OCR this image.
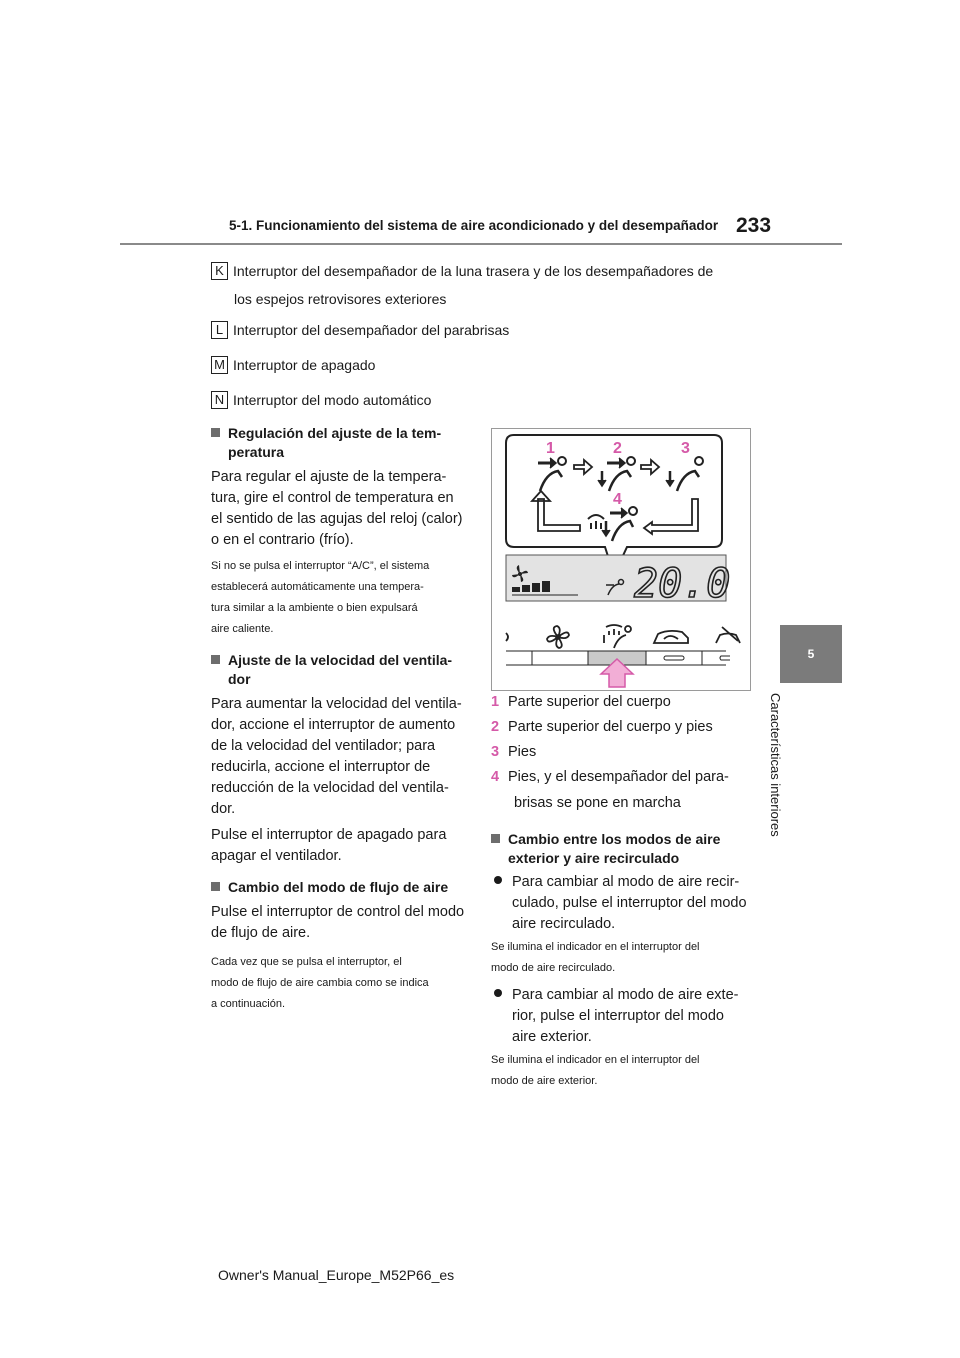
5-1. Funcionamiento del sistema de aire acondicionado y del desempañador 233
5
Características interiores
K Interruptor del desempañador de la luna trasera y de los desempañadores de
los espejos retrovisores exteriores
L Interruptor del desempañador del parabrisas
M Interruptor de apagado
N Interruptor del modo automático
Regulación del ajuste de la tem-
peratura
Para regular el ajuste de la tempera-
tura, gire el control de temperatura en
el sentido de las agujas del reloj (calor)
o en el contrario (frío).
Si no se pulsa el interruptor “A/C”, el sistema
establecerá automáticamente una tempera-
tura similar a la ambiente o bien expulsará
aire caliente.
Ajuste de la velocidad del ventila-
dor
Para aumentar la velocidad del ventila-
dor, accione el interruptor de aumento
de la velocidad del ventilador; para
reducirla, accione el interruptor de
reducción de la velocidad del ventila-
dor.
Pulse el interruptor de apagado para
apagar el ventilador.
Cambio del modo de flujo de aire
Pulse el interruptor de control del modo
de flujo de aire.
Cada vez que se pulsa el interruptor, el
modo de flujo de aire cambia como se indica
a continuación.
1	2	3
4
20.0
1 Parte superior del cuerpo
2 Parte superior del cuerpo y pies
3 Pies
4 Pies, y el desempañador del para-
brisas se pone en marcha
Cambio entre los modos de aire
exterior y aire recirculado
Para cambiar al modo de aire recir-
culado, pulse el interruptor del modo
aire recirculado.
Se ilumina el indicador en el interruptor del
modo de aire recirculado.
Para cambiar al modo de aire exte-
rior, pulse el interruptor del modo
aire exterior.
Se ilumina el indicador en el interruptor del
modo de aire exterior.
Owner's Manual_Europe_M52P66_es
